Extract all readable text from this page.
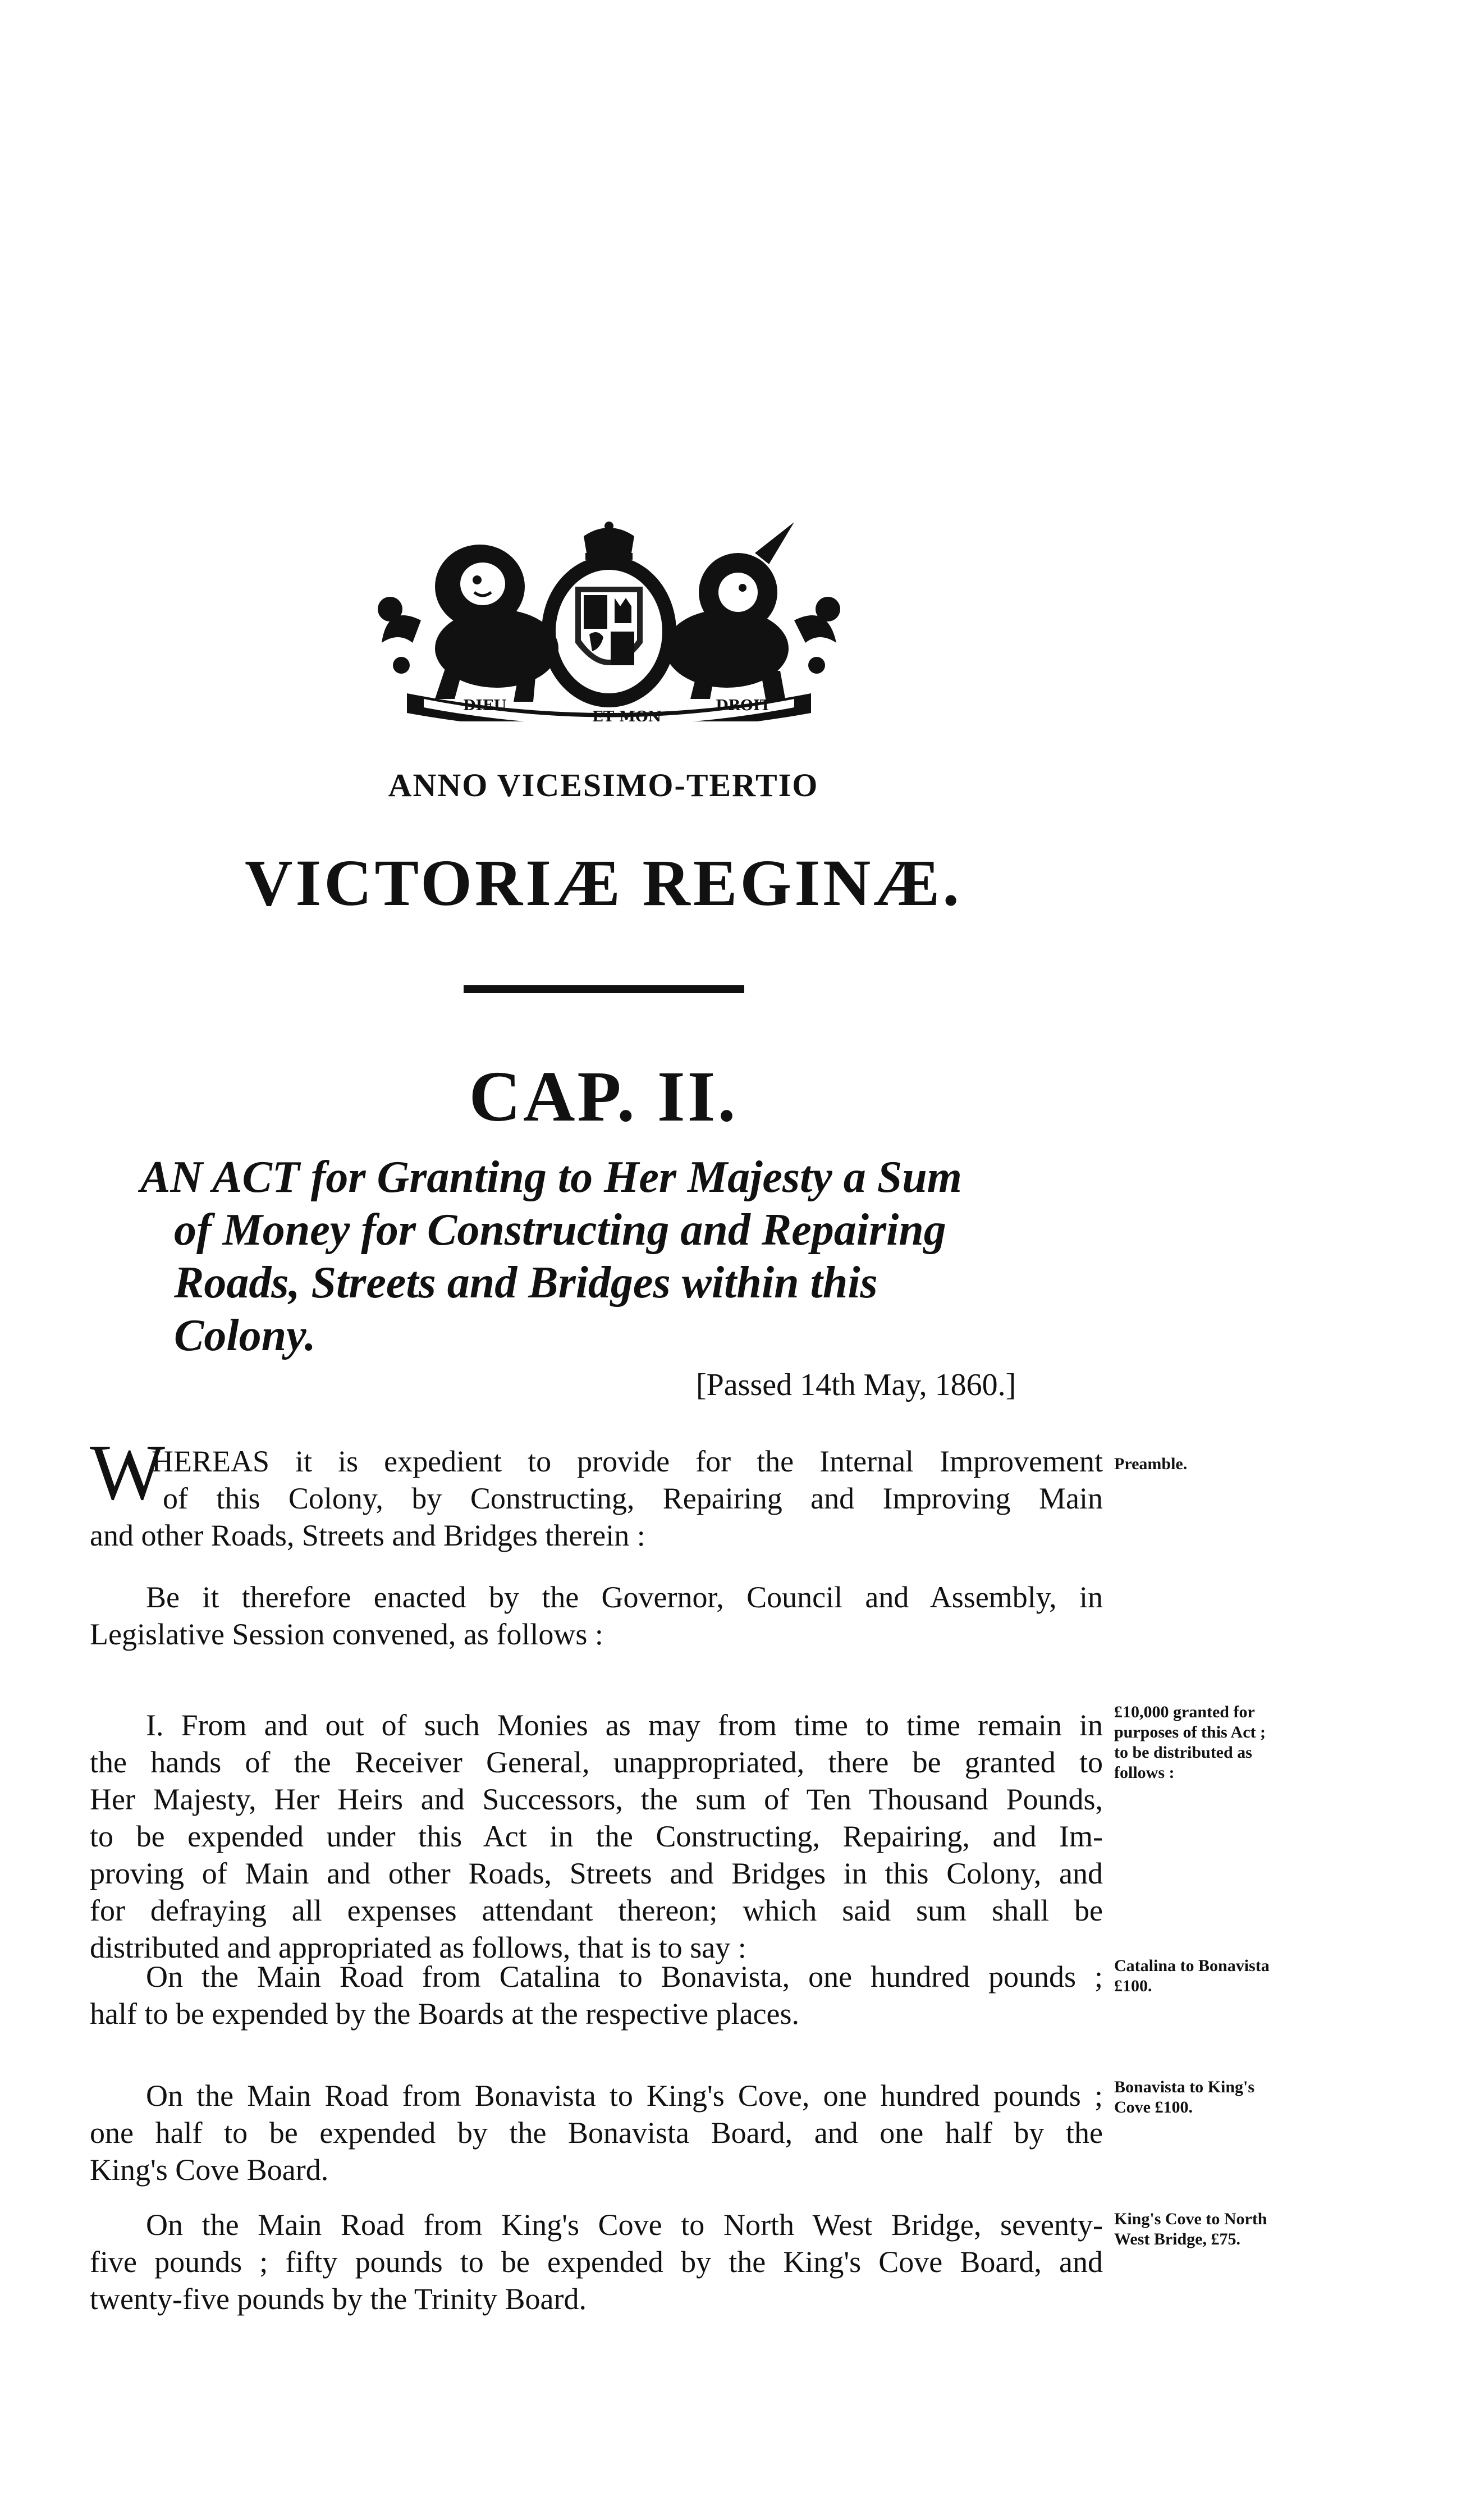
DIEU
ET MON
DROIT
ANNO VICESIMO-TERTIO
VICTORIÆ REGINÆ.
CAP. II.
AN ACT for Granting to Her Majesty a Sum
of Money for Constructing and Repairing
Roads, Streets and Bridges within this
Colony.
[Passed 14th May, 1860.]
W
HEREAS it is expedient to provide for the Internal Improvement
of this Colony, by Constructing, Repairing and Improving Main
and other Roads, Streets and Bridges therein :
Preamble.
Be it therefore enacted by the Governor, Council and Assembly, in
Legislative Session convened, as follows :
I. From and out of such Monies as may from time to time remain in
the hands of the Receiver General, unappropriated, there be granted to
Her Majesty, Her Heirs and Successors, the sum of Ten Thousand Pounds,
to be expended under this Act in the Constructing, Repairing, and Im-
proving of Main and other Roads, Streets and Bridges in this Colony, and
for defraying all expenses attendant thereon; which said sum shall be
distributed and appropriated as follows, that is to say :
£10,000 granted for
purposes of this Act ;
to be distributed as
follows :
On the Main Road from Catalina to Bonavista, one hundred pounds ;
half to be expended by the Boards at the respective places.
Catalina to Bonavista
£100.
On the Main Road from Bonavista to King's Cove, one hundred pounds ;
one half to be expended by the Bonavista Board, and one half by the
King's Cove Board.
Bonavista to King's
Cove £100.
On the Main Road from King's Cove to North West Bridge, seventy-
five pounds ; fifty pounds to be expended by the King's Cove Board, and
twenty-five pounds by the Trinity Board.
King's Cove to North
West Bridge, £75.
